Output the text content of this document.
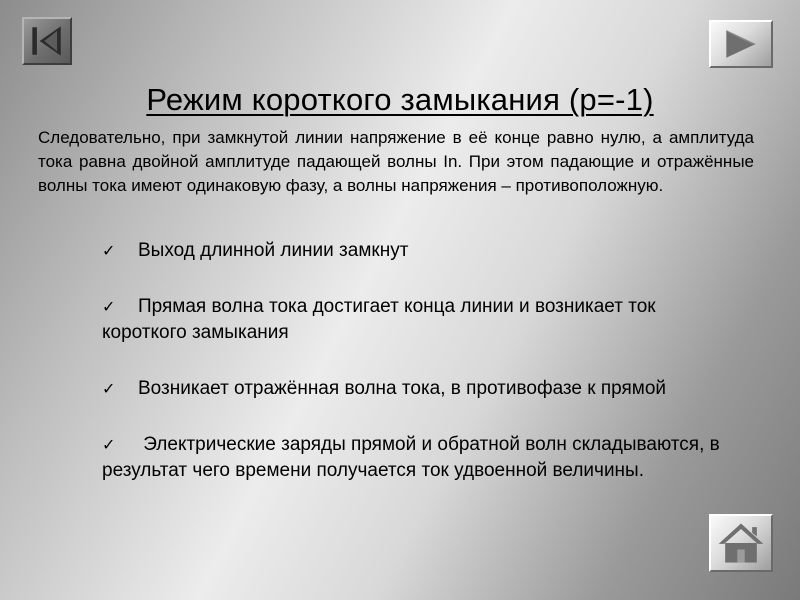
Режим короткого замыкания (p=-1)
Следовательно, при замкнутой линии напряжение в её конце равно нулю, а амплитуда тока равна двойной амплитуде падающей волны In. При этом падающие и отражённые волны тока имеют одинаковую фазу, а волны напряжения – противоположную.
✓ Выход длинной линии замкнут
✓ Прямая волна тока достигает конца линии и возникает ток короткого замыкания
✓ Возникает отражённая волна тока, в противофазе к прямой
✓ Электрические заряды прямой и обратной волн складываются, в результат чего времени получается ток удвоенной величины.
